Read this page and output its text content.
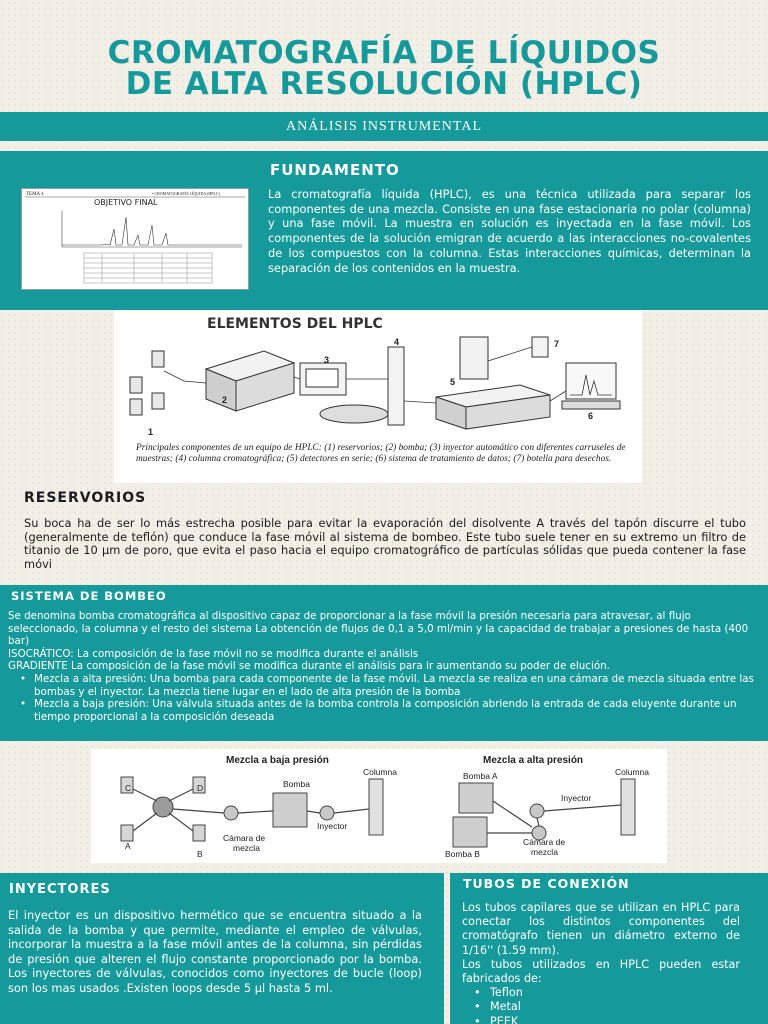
CROMATOGRAFÍA DE LÍQUIDOS
DE ALTA RESOLUCIÓN (HPLC)
ANÁLISIS INSTRUMENTAL
FUNDAMENTO
TEMA 4	• CROMATOGRAFÍA LÍQUIDA (HPLC)
OBJETIVO FINAL
La cromatografía líquida (HPLC), es una técnica utilizada para separar los componentes de una mezcla. Consiste en una fase estacionaria no polar (columna) y una fase móvil. La muestra en solución es inyectada en la fase móvil. Los componentes de la solución emigran de acuerdo a las interacciones no-covalentes de los compuestos con la columna. Estas interacciones químicas, determinan la separación de los contenidos en la muestra.
ELEMENTOS DEL HPLC
1
2
3
4
5
6
7
Principales componentes de un equipo de HPLC: (1) reservorios; (2) bomba; (3) inyector automático con diferentes carruseles de muestras; (4) columna cromatográfica; (5) detectores en serie; (6) sistema de tratamiento de datos; (7) botella para desechos.
RESERVORIOS
Su boca ha de ser lo más estrecha posible para evitar la evaporación del disolvente A través del tapón discurre el tubo (generalmente de teflón) que conduce la fase móvil al sistema de bombeo. Este tubo suele tener en su extremo un filtro de titanio de 10 µm de poro, que evita el paso hacia el equipo cromatográfico de partículas sólidas que pueda contener la fase móvi
SISTEMA DE BOMBEO
Se denomina bomba cromatográfica al dispositivo capaz de proporcionar a la fase móvil la presión necesaria para atravesar, al flujo seleccionado, la columna y el resto del sistema La obtención de flujos de 0,1 a 5,0 ml/min y la capacidad de trabajar a presiones de hasta (400 bar)
ISOCRÁTICO: La composición de la fase móvil no se modifica durante el análisis
GRADIENTE La composición de la fase móvil se modifica durante el análisis para ir aumentando su poder de elución.
• Mezcla a alta presión: Una bomba para cada componente de la fase móvil. La mezcla se realiza en una cámara de mezcla situada entre las bombas y el inyector. La mezcla tiene lugar en el lado de alta presión de la bomba
• Mezcla a baja presión: Una válvula situada antes de la bomba controla la composición abriendo la entrada de cada eluyente durante un tiempo proporcional a la composición deseada
Mezcla a baja presión	Mezcla a alta presión
A
B
C	D	Bomba
Columna
Inyector
Cámara de
mezcla
Bomba A
Bomba B
Inyector
Columna
Cámara de
mezcla
INYECTORES
El inyector es un dispositivo hermético que se encuentra situado a la salida de la bomba y que permite, mediante el empleo de válvulas, incorporar la muestra a la fase móvil antes de la columna, sin pérdidas de presión que alteren el flujo constante proporcionado por la bomba. Los inyectores de válvulas, conocidos como inyectores de bucle (loop) son los mas usados .Existen loops desde 5 µl hasta 5 ml.
TUBOS DE CONEXIÓN
Los tubos capilares que se utilizan en HPLC para conectar los distintos componentes del cromatógrafo tienen un diámetro externo de 1/16'' (1.59 mm).
Los tubos utilizados en HPLC pueden estar fabricados de:
• Teflon
• Metal
• PEEK
